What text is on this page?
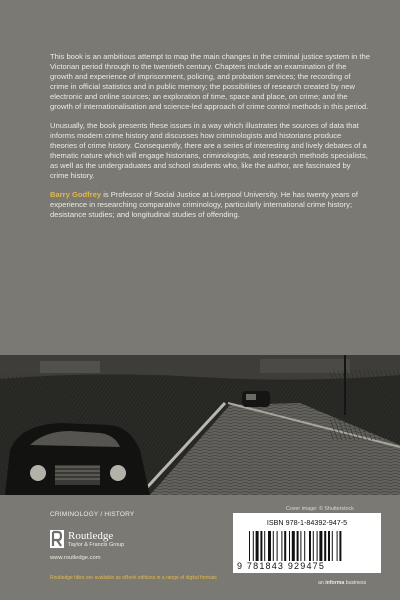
This book is an ambitious attempt to map the main changes in the criminal justice system in the Victorian period through to the twentieth century. Chapters include an examination of the growth and experience of imprisonment, policing, and probation services; the recording of crime in official statistics and in public memory; the possibilities of research created by new electronic and online sources; an exploration of time, space and place, on crime; and the growth of internationalisation and science-led approach of crime control methods in this period.

Unusually, the book presents these issues in a way which illustrates the sources of data that informs modern crime history and discusses how criminologists and historians produce theories of crime history. Consequently, there are a series of interesting and lively debates of a thematic nature which will engage historians, criminologists, and research methods specialists, as well as the undergraduates and school students who, like the author, are fascinated by crime history.

Barry Godfrey is Professor of Social Justice at Liverpool University. He has twenty years of experience in researching comparative criminology, particularly international crime history; desistance studies; and longitudinal studies of offending.

CRIMINOLOGY / HISTORY
Cover image: © Shutterstock
Routledge
Taylor & Francis Group
www.routledge.com
Routledge titles are available as eBook editions in a range of digital formats
ISBN 978-1-84392-947-5
9 781843 929475
an informa business
